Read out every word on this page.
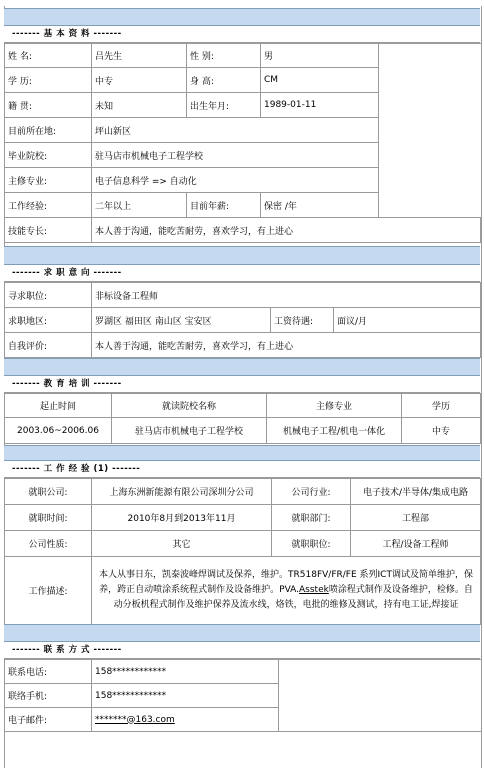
------- 基 本 资 料 -------
姓 名:	吕先生	性 别:	男	
学 历:	中专	身 高:	CM	
籍 贯:	未知	出生年月:	1989-01-11	
目前所在地:	坪山新区			
毕业院校:	驻马店市机械电子工程学校			
主修专业:	电子信息科学 => 自动化			
工作经验:	二年以上	目前年薪:	保密 /年	
技能专长:	本人善于沟通，能吃苦耐劳，喜欢学习，有上进心			
------- 求 职 意 向 -------
寻求职位:	非标设备工程师		
求职地区:	罗湖区 福田区 南山区 宝安区	工资待遇:	面议/月
自我评价:	本人善于沟通，能吃苦耐劳，喜欢学习，有上进心		
------- 教 育 培 训 -------
起止时间	就读院校名称	主修专业	学历
2003.06~2006.06	驻马店市机械电子工程学校	机械电子工程/机电一体化	中专
------- 工 作 经 验 (1) -------
就职公司:	上海东洲新能源有限公司深圳分公司	公司行业:	电子技术/半导体/集成电路
就职时间:	2010年8月到2013年11月	就职部门:	工程部
公司性质:	其它	就职职位:	工程/设备工程师
工作描述:	本人从事日东，凯泰波峰焊调试及保养，维护。TR518FV/FR/FE 系列ICT调试及简单维护，保养，跨正自动喷涂系统程式制作及设备维护。PVA.Asstek喷涂程式制作及设备维护，检修。自动分板机程式制作及维护保养及流水线，烙铁，电批的维修及测试，持有电工证,焊接证		
------- 联 系 方 式 -------
联系电话:	158************	
联络手机:	158************	
电子邮件:	*******@163.com	
